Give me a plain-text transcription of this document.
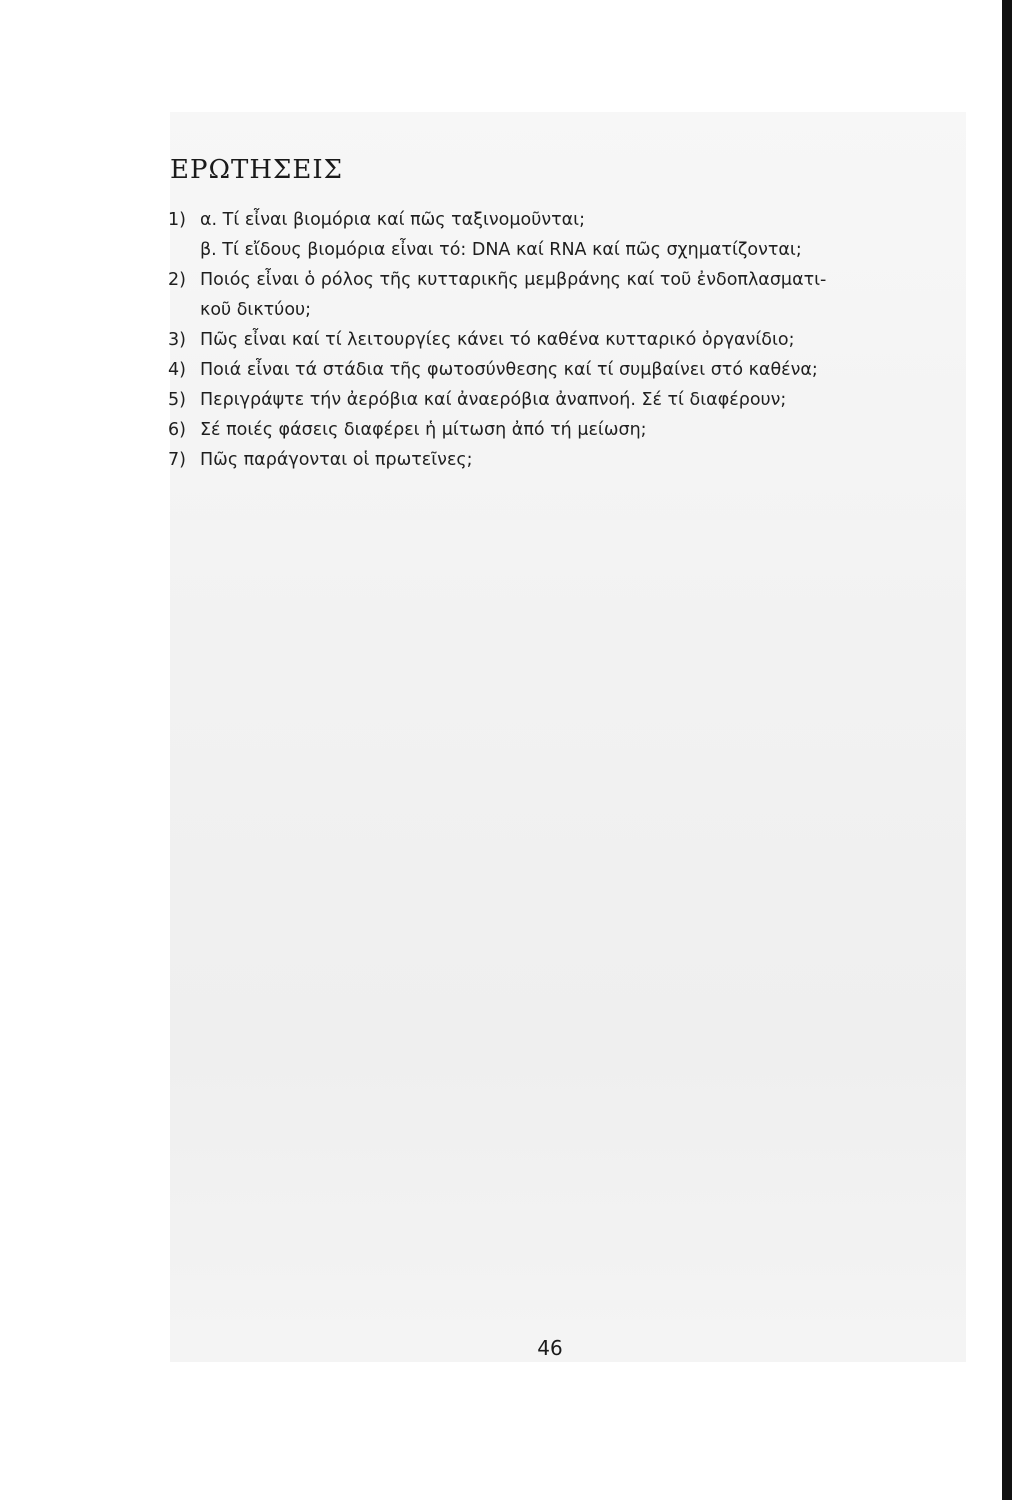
ΕΡΩΤΗΣΕΙΣ
1) α. Τί εἶναι βιομόρια καί πῶς ταξινομοῦνται;
β. Τί εἴδους βιομόρια εἶναι τό: DNA καί RNA καί πῶς σχηματίζονται;
2) Ποιός εἶναι ὁ ρόλος τῆς κυτταρικῆς μεμβράνης καί τοῦ ἐνδοπλασματι-
κοῦ δικτύου;
3) Πῶς εἶναι καί τί λειτουργίες κάνει τό καθένα κυτταρικό ὀργανίδιο;
4) Ποιά εἶναι τά στάδια τῆς φωτοσύνθεσης καί τί συμβαίνει στό καθένα;
5) Περιγράψτε τήν ἀερόβια καί ἀναερόβια ἀναπνοή. Σέ τί διαφέρουν;
6) Σέ ποιές φάσεις διαφέρει ἡ μίτωση ἀπό τή μείωση;
7) Πῶς παράγονται οἱ πρωτεῖνες;
46
